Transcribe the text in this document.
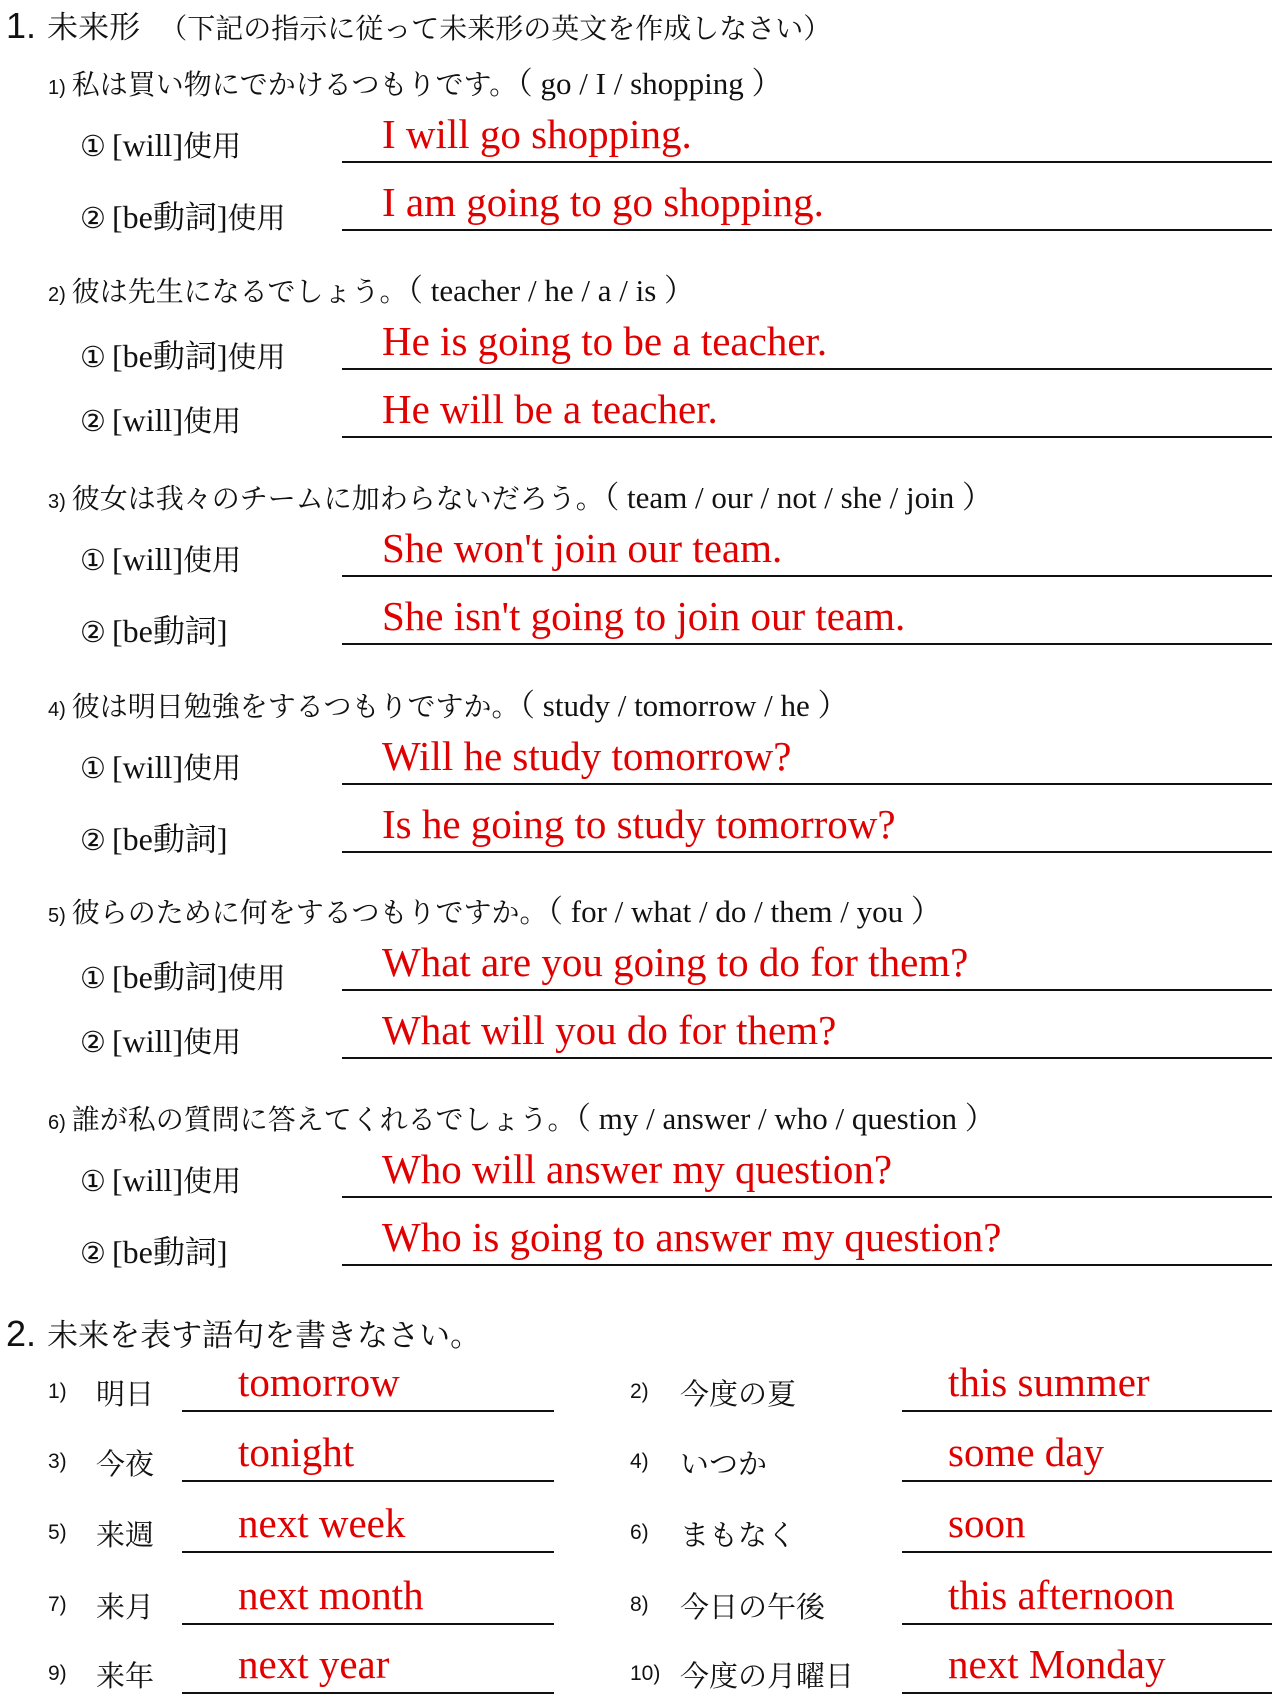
1. 未来形 （下記の指示に従って未来形の英文を作成しなさい）
1) 私は買い物にでかけるつもりです。（ go / I / shopping ）
① [will]使用	I will go shopping.
② [be動詞]使用 I am going to go shopping.
2) 彼は先生になるでしょう。（ teacher / he / a / is ）
① [be動詞]使用 He is going to be a teacher.
② [will]使用	He will be a teacher.
3) 彼女は我々のチームに加わらないだろう。（ team / our / not / she / join ）
① [will]使用	She won't join our team.
② [be動詞]	She isn't going to join our team.
4) 彼は明日勉強をするつもりですか。（ study / tomorrow / he ）
① [will]使用	Will he study tomorrow?
② [be動詞]	Is he going to study tomorrow?
5) 彼らのために何をするつもりですか。（ for / what / do / them / you ）
① [be動詞]使用 What are you going to do for them?
② [will]使用	What will you do for them?
6) 誰が私の質問に答えてくれるでしょう。（ my / answer / who / question ）
① [will]使用	Who will answer my question?
② [be動詞]	Who is going to answer my question?
2. 未来を表す語句を書きなさい。
1) 明日 tomorrow	2) 今度の夏	this summer
3) 今夜 tonight	4) いつか	some day
5) 来週 next week	6) まもなく	soon
7) 来月 next month	8) 今日の午後	this afternoon
9) 来年 next year	10) 今度の月曜日 next Monday
